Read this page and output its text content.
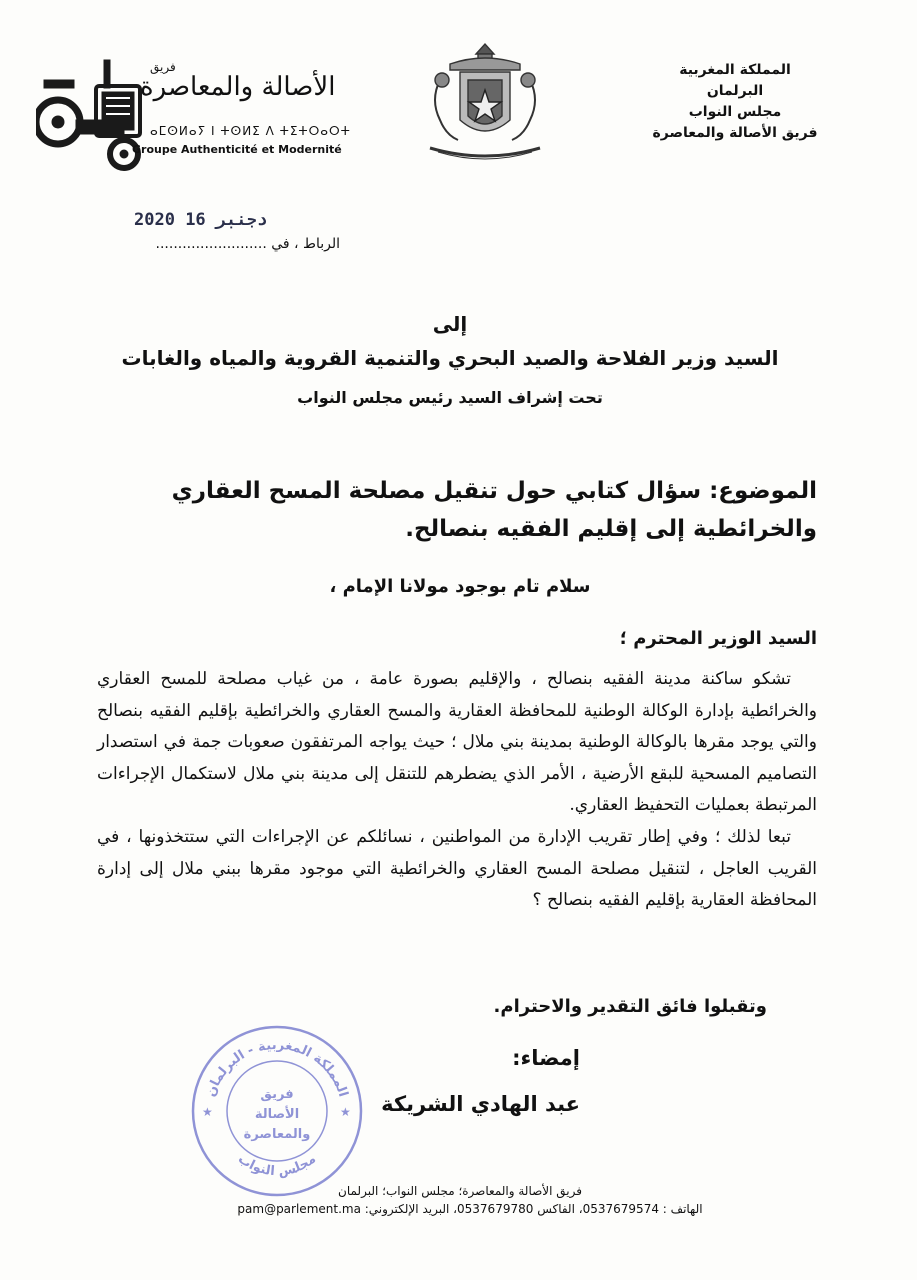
المملكة المغربية
البرلمان
مجلس النواب
فريق الأصالة والمعاصرة
فريق
الأصالة والمعاصرة
ⴰⵎⵙⵍⴰⵢ ⵏ ⵜⵙⵍⵉ ⴷ ⵜⵉⵜⵔⴰⵔⵜ
Groupe Authenticité et Modernité
2020 دجنبر 16
الرباط ، في .........................
إلى
السيد وزير الفلاحة والصيد البحري والتنمية القروية والمياه والغابات
تحت إشراف السيد رئيس مجلس النواب
الموضوع: سؤال كتابي حول تنقيل مصلحة المسح العقاري والخرائطية إلى إقليم الفقيه بنصالح.
سلام تام بوجود مولانا الإمام ،
السيد الوزير المحترم ؛

تشكو ساكنة مدينة الفقيه بنصالح ، والإقليم بصورة عامة ، من غياب مصلحة للمسح العقاري والخرائطية بإدارة الوكالة الوطنية للمحافظة العقارية والمسح العقاري والخرائطية بإقليم الفقيه بنصالح والتي يوجد مقرها بالوكالة الوطنية بمدينة بني ملال ؛ حيث يواجه المرتفقون صعوبات جمة في استصدار التصاميم المسحية للبقع الأرضية ، الأمر الذي يضطرهم للتنقل إلى مدينة بني ملال لاستكمال الإجراءات المرتبطة بعمليات التحفيظ العقاري.

تبعا لذلك ؛ وفي إطار تقريب الإدارة من المواطنين ، نسائلكم عن الإجراءات التي ستتخذونها ، في القريب العاجل ، لتنقيل مصلحة المسح العقاري والخرائطية التي موجود مقرها ببني ملال إلى إدارة المحافظة العقارية بإقليم الفقيه بنصالح ؟

وتقبلوا فائق التقدير والاحترام.
إمضاء:
عبد الهادي الشريكة
المملكة المغربية - البرلمان
مجلس النواب
فريق
الأصالة
والمعاصرة
★	★
فريق الأصالة والمعاصرة؛ مجلس النواب؛ البرلمان
الهاتف : 0537679574، الفاكس 0537679780، البريد الإلكتروني: pam@parlement.ma
